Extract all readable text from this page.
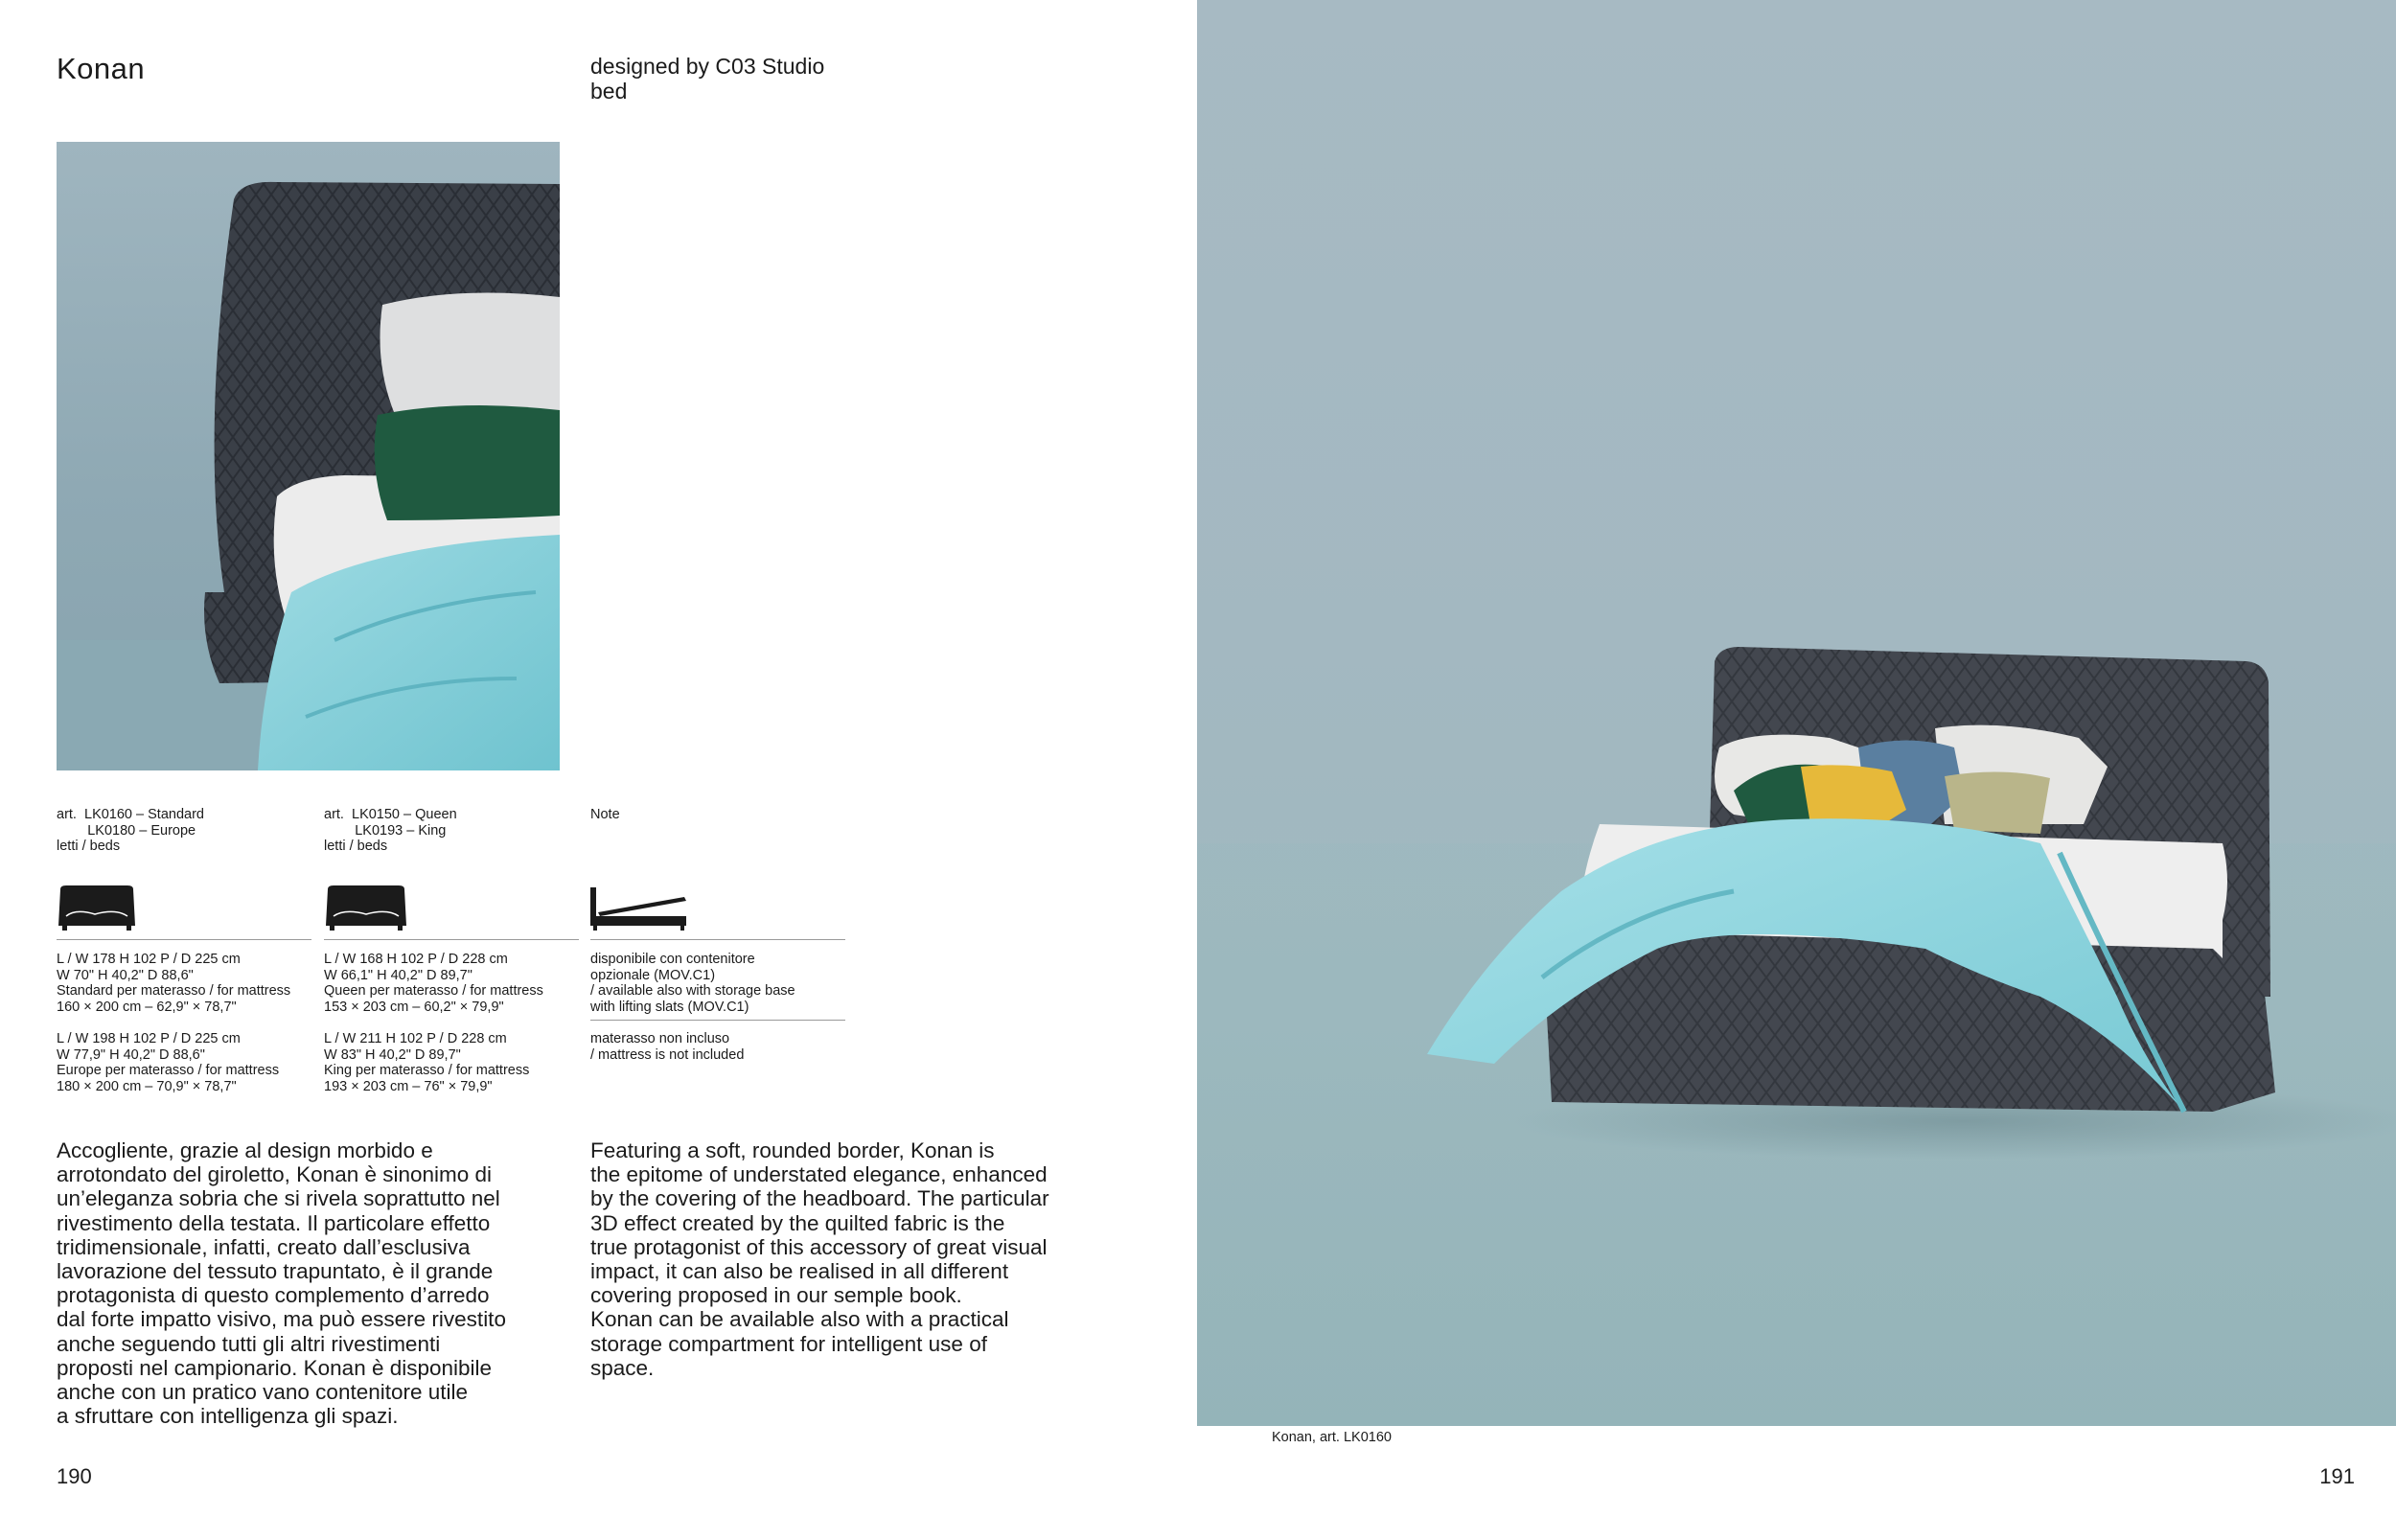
Konan	designed by C03 Studio
bed
art.  LK0160 – Standard
LK0180 – Europe
letti / beds
art.  LK0150 – Queen
LK0193 – King
letti / beds
Note
L / W 178 H 102 P / D 225 cm
W 70" H 40,2" D 88,6"
Standard per materasso / for mattress
160 × 200 cm – 62,9" × 78,7"
L / W 198 H 102 P / D 225 cm
W 77,9" H 40,2" D 88,6"
Europe per materasso / for mattress
180 × 200 cm – 70,9" × 78,7"
L / W 168 H 102 P / D 228 cm
W 66,1" H 40,2" D 89,7"
Queen per materasso / for mattress
153 × 203 cm – 60,2" × 79,9"
L / W 211 H 102 P / D 228 cm
W 83" H 40,2" D 89,7"
King per materasso / for mattress
193 × 203 cm – 76" × 79,9"
disponibile con contenitore
opzionale (MOV.C1)
/ available also with storage base
with lifting slats (MOV.C1)
materasso non incluso
/ mattress is not included
Accogliente, grazie al design morbido e
arrotondato del giroletto, Konan è sinonimo di
un’eleganza sobria che si rivela soprattutto nel
rivestimento della testata. Il particolare effetto
tridimensionale, infatti, creato dall’esclusiva
lavorazione del tessuto trapuntato, è il grande
protagonista di questo complemento d’arredo
dal forte impatto visivo, ma può essere rivestito
anche seguendo tutti gli altri rivestimenti
proposti nel campionario. Konan è disponibile
anche con un pratico vano contenitore utile
a sfruttare con intelligenza gli spazi.
Featuring a soft, rounded border, Konan is
the epitome of understated elegance, enhanced
by the covering of the headboard. The particular
3D effect created by the quilted fabric is the
true protagonist of this accessory of great visual
impact, it can also be realised in all different
covering proposed in our semple book.
Konan can be available also with a practical
storage compartment for intelligent use of
space.
190	191
Konan, art. LK0160
